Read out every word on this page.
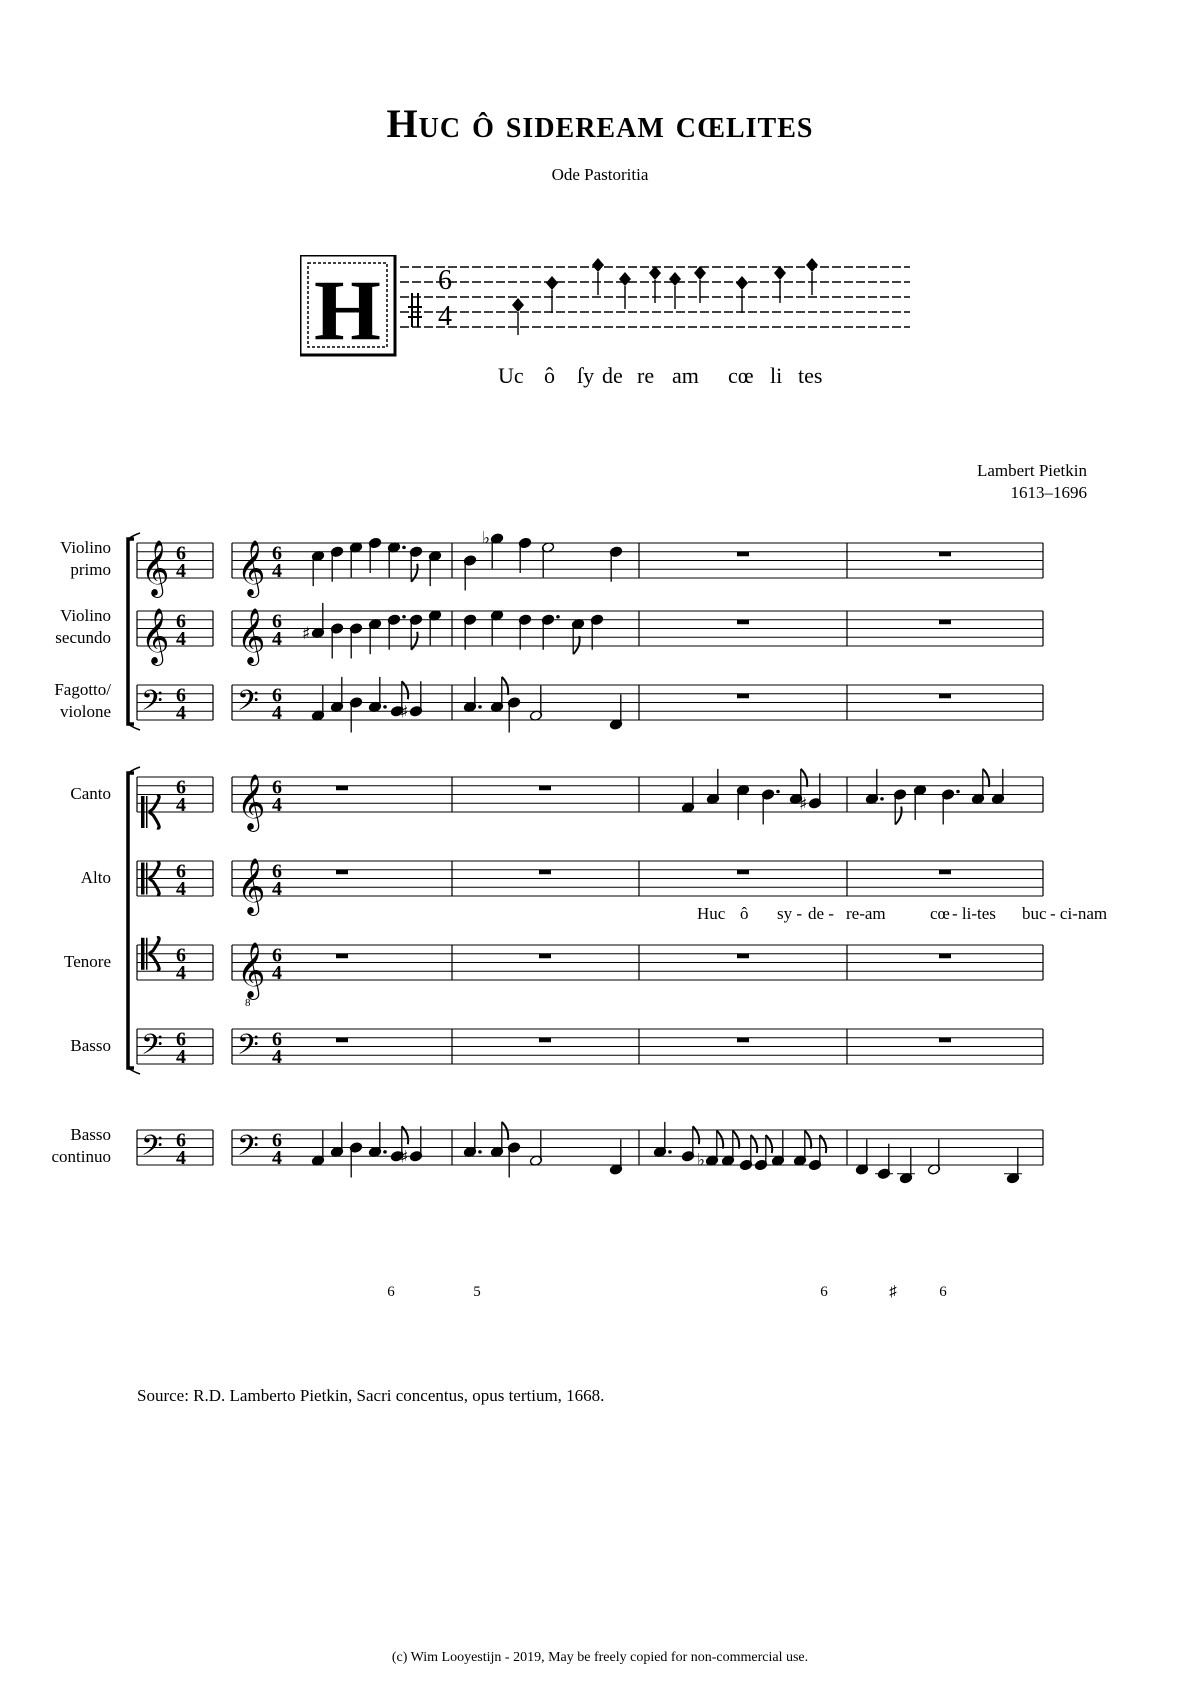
Huc ô sideream cœlites
Ode Pastoritia
H 6
4
Uc ô ſy de re am cœ li tes
Lambert Pietkin
1613–1696
𝄞 6
4 𝄞 6
4
Violino
primo
𝄞 6
4 𝄞 6
4
Violino
secundo
𝄢 6
4 𝄢 6
4
Fagotto/
violone
6
4 𝄞 6
4
Canto
6
4 𝄞 6
4
Alto
6
4 𝄞
8
6
4
Tenore
𝄢 6
4 𝄢 6
4
Basso
𝄢 6
4 𝄢 6
4
Basso
continuo
♭
♯
♯
♯
♯	♭
Huc ô sy - de - re-am	cœ - li-tes buc - ci-nam
6	5	6	♯	6
Source: R.D. Lamberto Pietkin, Sacri concentus, opus tertium, 1668.
(c) Wim Looyestijn - 2019, May be freely copied for non-commercial use.
